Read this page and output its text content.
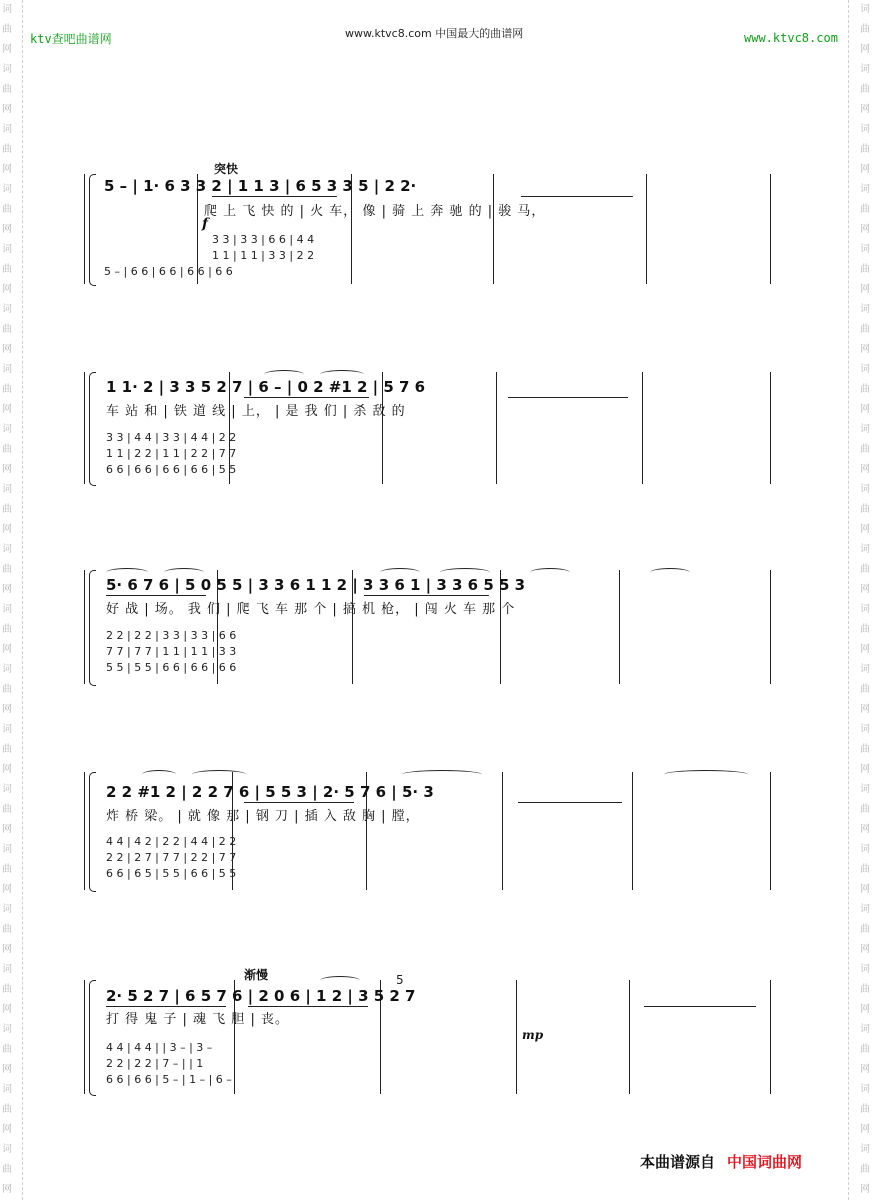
词
曲
网
词
曲
网
词
曲
网
词
曲
网
词
曲
网
词
曲
网
词
曲
网
词
曲
网
词
曲
网
词
曲
网
词
曲
网
词
曲
网
词
曲
网
词
曲
网
词
曲
网
词
曲
网
词
曲
网
词
曲
网
词
曲
网
词
曲
网
词
曲
网
词
曲
网
词
曲
网
词
曲
网
词
曲
网
词
曲
网
词
曲
网
词
曲
网
词
曲
网
词
曲
网
词
曲
网
词
曲
网
词
曲
网
词
曲
网
词
曲
网
词
曲
网
词
曲
网
词
曲
网
词
曲
网
词
曲
网
ktv查吧曲谱网	www.ktvc8.com 中国最大的曲谱网	www.ktvc8.com
突快
5 – | 1· 6 3 3 2 | 1 1 3 | 6 5 3 3 5 | 2 2·
爬 上 飞 快 的 | 火 车， 像 | 骑 上 奔 驰 的 | 骏 马，
f
3 3 | 3 3 | 6 6 | 4 4
1 1 | 1 1 | 3 3 | 2 2
5 – | 6 6 | 6 6 | 6 6 | 6 6
1 1· 2 | 3 3 5 2 7 | 6 – | 0 2 #1 2 | 5 7 6
车 站 和 | 铁 道 线 | 上， | 是 我 们 | 杀 敌 的
3 3 | 4 4 | 3 3 | 4 4 | 2 2
1 1 | 2 2 | 1 1 | 2 2 | 7 7
6 6 | 6 6 | 6 6 | 6 6 | 5 5
5· 6 7 6 | 5 0 5 5 | 3 3 6 1 1 2 | 3 3 6 1 | 3 3 6 5 5 3
好 战 | 场。 我 们 | 爬 飞 车 那 个 | 搞 机 枪， | 闯 火 车 那 个
2 2 | 2 2 | 3 3 | 3 3 | 6 6
7 7 | 7 7 | 1 1 | 1 1 | 3 3
5 5 | 5 5 | 6 6 | 6 6 | 6 6
2 2 #1 2 | 2 2 7 6 | 5 5 3 | 2· 5 7 6 | 5· 3
炸 桥 梁。 | 就 像 那 | 钢 刀 | 插 入 敌 胸 | 膛，
4 4 | 4 2 | 2 2 | 4 4 | 2 2
2 2 | 2 7 | 7 7 | 2 2 | 7 7
6 6 | 6 5 | 5 5 | 6 6 | 5 5
渐慢	5
2· 5 2 7 | 6 5 7 6 | 2 0 6 | 1 2 | 3 5 2 7
打 得 鬼 子 | 魂 飞 胆 | 丧。
mp
4 4 | 4 4 | | 3 – | 3 –
2 2 | 2 2 | 7 – | | 1
6 6 | 6 6 | 5 – | 1 – | 6 –
本曲谱源自 中国词曲网
